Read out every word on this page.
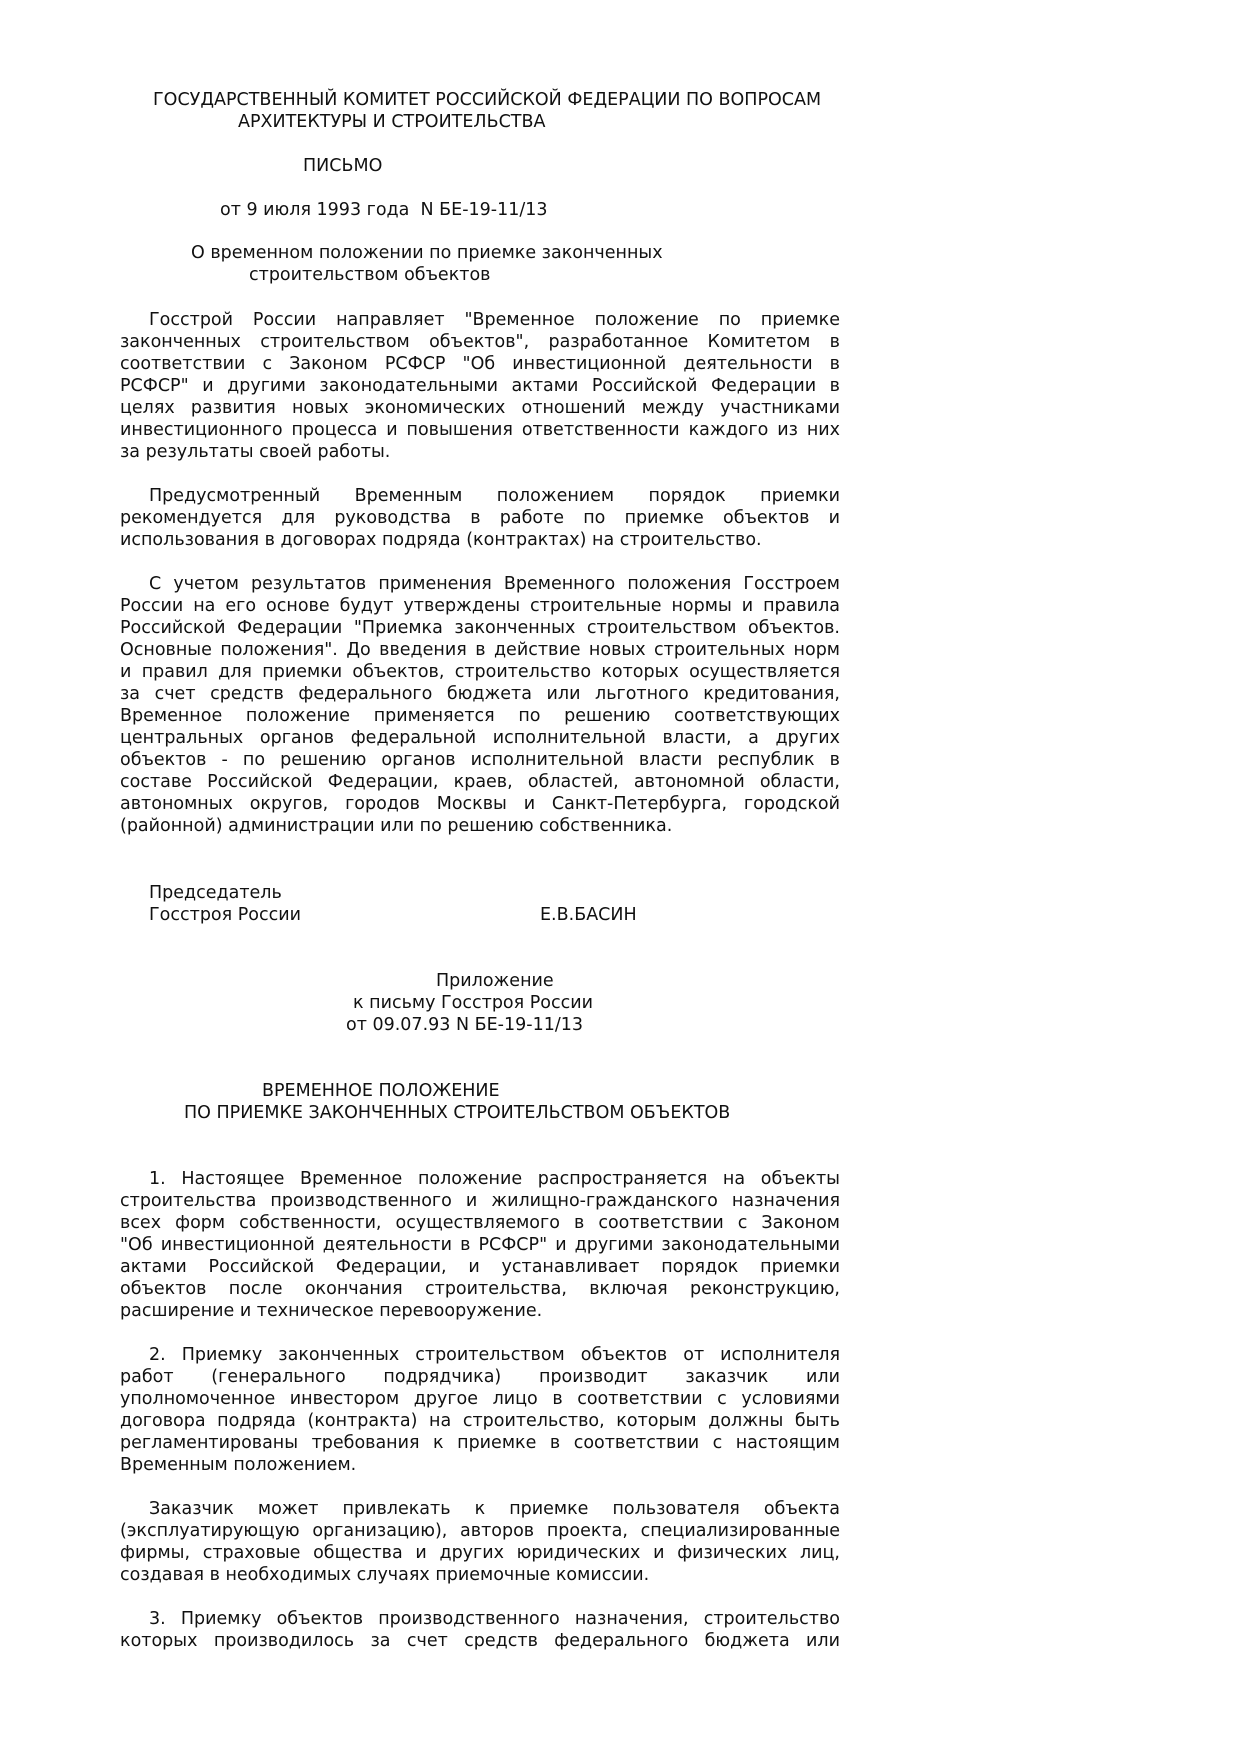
ГОСУДАРСТВЕННЫЙ КОМИТЕТ РОССИЙСКОЙ ФЕДЕРАЦИИ ПО ВОПРОСАМ

АРХИТЕКТУРЫ И СТРОИТЕЛЬСТВА

ПИСЬМО

от 9 июля 1993 года  N БЕ-19-11/13

О временном положении по приемке законченных

строительством объектов

Госстрой России направляет "Временное положение по приемке

законченных строительством объектов", разработанное Комитетом в

соответствии с Законом РСФСР "Об инвестиционной деятельности в

РСФСР" и другими законодательными актами Российской Федерации в

целях развития новых экономических отношений между участниками

инвестиционного процесса и повышения ответственности каждого из них

за результаты своей работы.

Предусмотренный Временным положением порядок приемки

рекомендуется для руководства в работе по приемке объектов и

использования в договорах подряда (контрактах) на строительство.

С учетом результатов применения Временного положения Госстроем

России на его основе будут утверждены строительные нормы и правила

Российской Федерации "Приемка законченных строительством объектов.

Основные положения". До введения в действие новых строительных норм

и правил для приемки объектов, строительство которых осуществляется

за счет средств федерального бюджета или льготного кредитования,

Временное положение применяется по решению соответствующих

центральных органов федеральной исполнительной власти, а других

объектов - по решению органов исполнительной власти республик в

составе Российской Федерации, краев, областей, автономной области,

автономных округов, городов Москвы и Санкт-Петербурга, городской

(районной) администрации или по решению собственника.

Председатель

Госстроя России	Е.В.БАСИН

Приложение

к письму Госстроя России

от 09.07.93 N БЕ-19-11/13

ВРЕМЕННОЕ ПОЛОЖЕНИЕ

ПО ПРИЕМКЕ ЗАКОНЧЕННЫХ СТРОИТЕЛЬСТВОМ ОБЪЕКТОВ

1. Настоящее Временное положение распространяется на объекты

строительства производственного и жилищно-гражданского назначения

всех форм собственности, осуществляемого в соответствии с Законом

"Об инвестиционной деятельности в РСФСР" и другими законодательными

актами Российской Федерации, и устанавливает порядок приемки

объектов после окончания строительства, включая реконструкцию,

расширение и техническое перевооружение.

2. Приемку законченных строительством объектов от исполнителя

работ (генерального подрядчика) производит заказчик или

уполномоченное инвестором другое лицо в соответствии с условиями

договора подряда (контракта) на строительство, которым должны быть

регламентированы требования к приемке в соответствии с настоящим

Временным положением.

Заказчик может привлекать к приемке пользователя объекта

(эксплуатирующую организацию), авторов проекта, специализированные

фирмы, страховые общества и других юридических и физических лиц,

создавая в необходимых случаях приемочные комиссии.

3. Приемку объектов производственного назначения, строительство

которых производилось за счет средств федерального бюджета или
